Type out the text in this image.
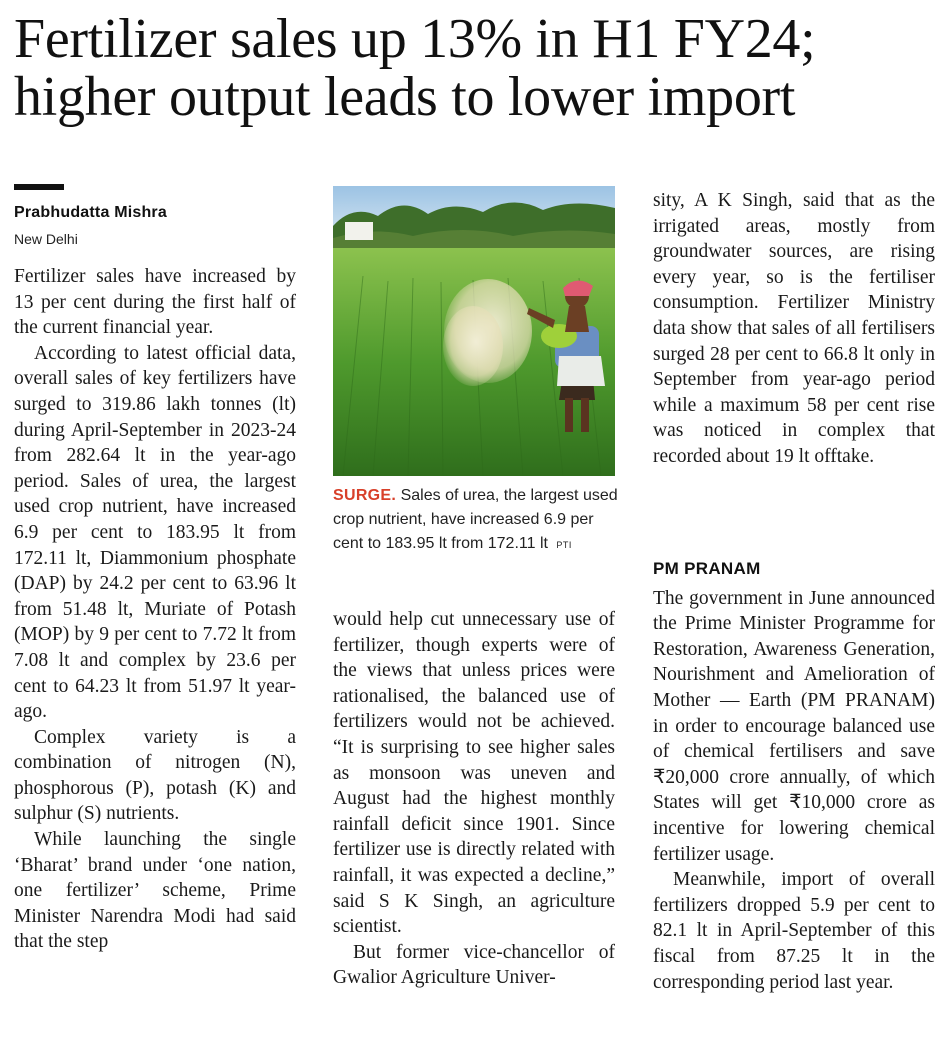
Fertilizer sales up 13% in H1 FY24;
higher output leads to lower import
Prabhudatta Mishra
New Delhi

Fertilizer sales have increased by 13 per cent during the first half of the current financial year.

According to latest official data, overall sales of key fertilizers have surged to 319.86 lakh tonnes (lt) during April-September in 2023-24 from 282.64 lt in the year-ago period. Sales of urea, the largest used crop nutrient, have increased 6.9 per cent to 183.95 lt from 172.11 lt, Diammonium phosphate (DAP) by 24.2 per cent to 63.96 lt from 51.48 lt, Muriate of Potash (MOP) by 9 per cent to 7.72 lt from 7.08 lt and complex by 23.6 per cent to 64.23 lt from 51.97 lt year-ago.

Complex variety is a combination of nitrogen (N), phosphorous (P), potash (K) and sulphur (S) nutrients.

While launching the single ‘Bharat’ brand under ‘one nation, one fertilizer’ scheme, Prime Minister Narendra Modi had said that the step

SURGE. Sales of urea, the largest used crop nutrient, have increased 6.9 per cent to 183.95 lt from 172.11 lt PTI

would help cut unnecessary use of fertilizer, though experts were of the views that unless prices were rationalised, the balanced use of fertilizers would not be achieved. “It is surprising to see higher sales as monsoon was uneven and August had the highest monthly rainfall deficit since 1901. Since fertilizer use is directly related with rainfall, it was expected a decline,” said S K Singh, an agriculture scientist.

But former vice-chancellor of Gwalior Agriculture Univer-

sity, A K Singh, said that as the irrigated areas, mostly from groundwater sources, are rising every year, so is the fertiliser consumption. Fertilizer Ministry data show that sales of all fertilisers surged 28 per cent to 66.8 lt only in September from year-ago period while a maximum 58 per cent rise was noticed in complex that recorded about 19 lt offtake.

PM PRANAM

The government in June announced the Prime Minister Programme for Restoration, Awareness Generation, Nourishment and Amelioration of Mother — Earth (PM PRANAM) in order to encourage balanced use of chemical fertilisers and save ₹20,000 crore annually, of which States will get ₹10,000 crore as incentive for lowering chemical fertilizer usage.

Meanwhile, import of overall fertilizers dropped 5.9 per cent to 82.1 lt in April-September of this fiscal from 87.25 lt in the corresponding period last year.
